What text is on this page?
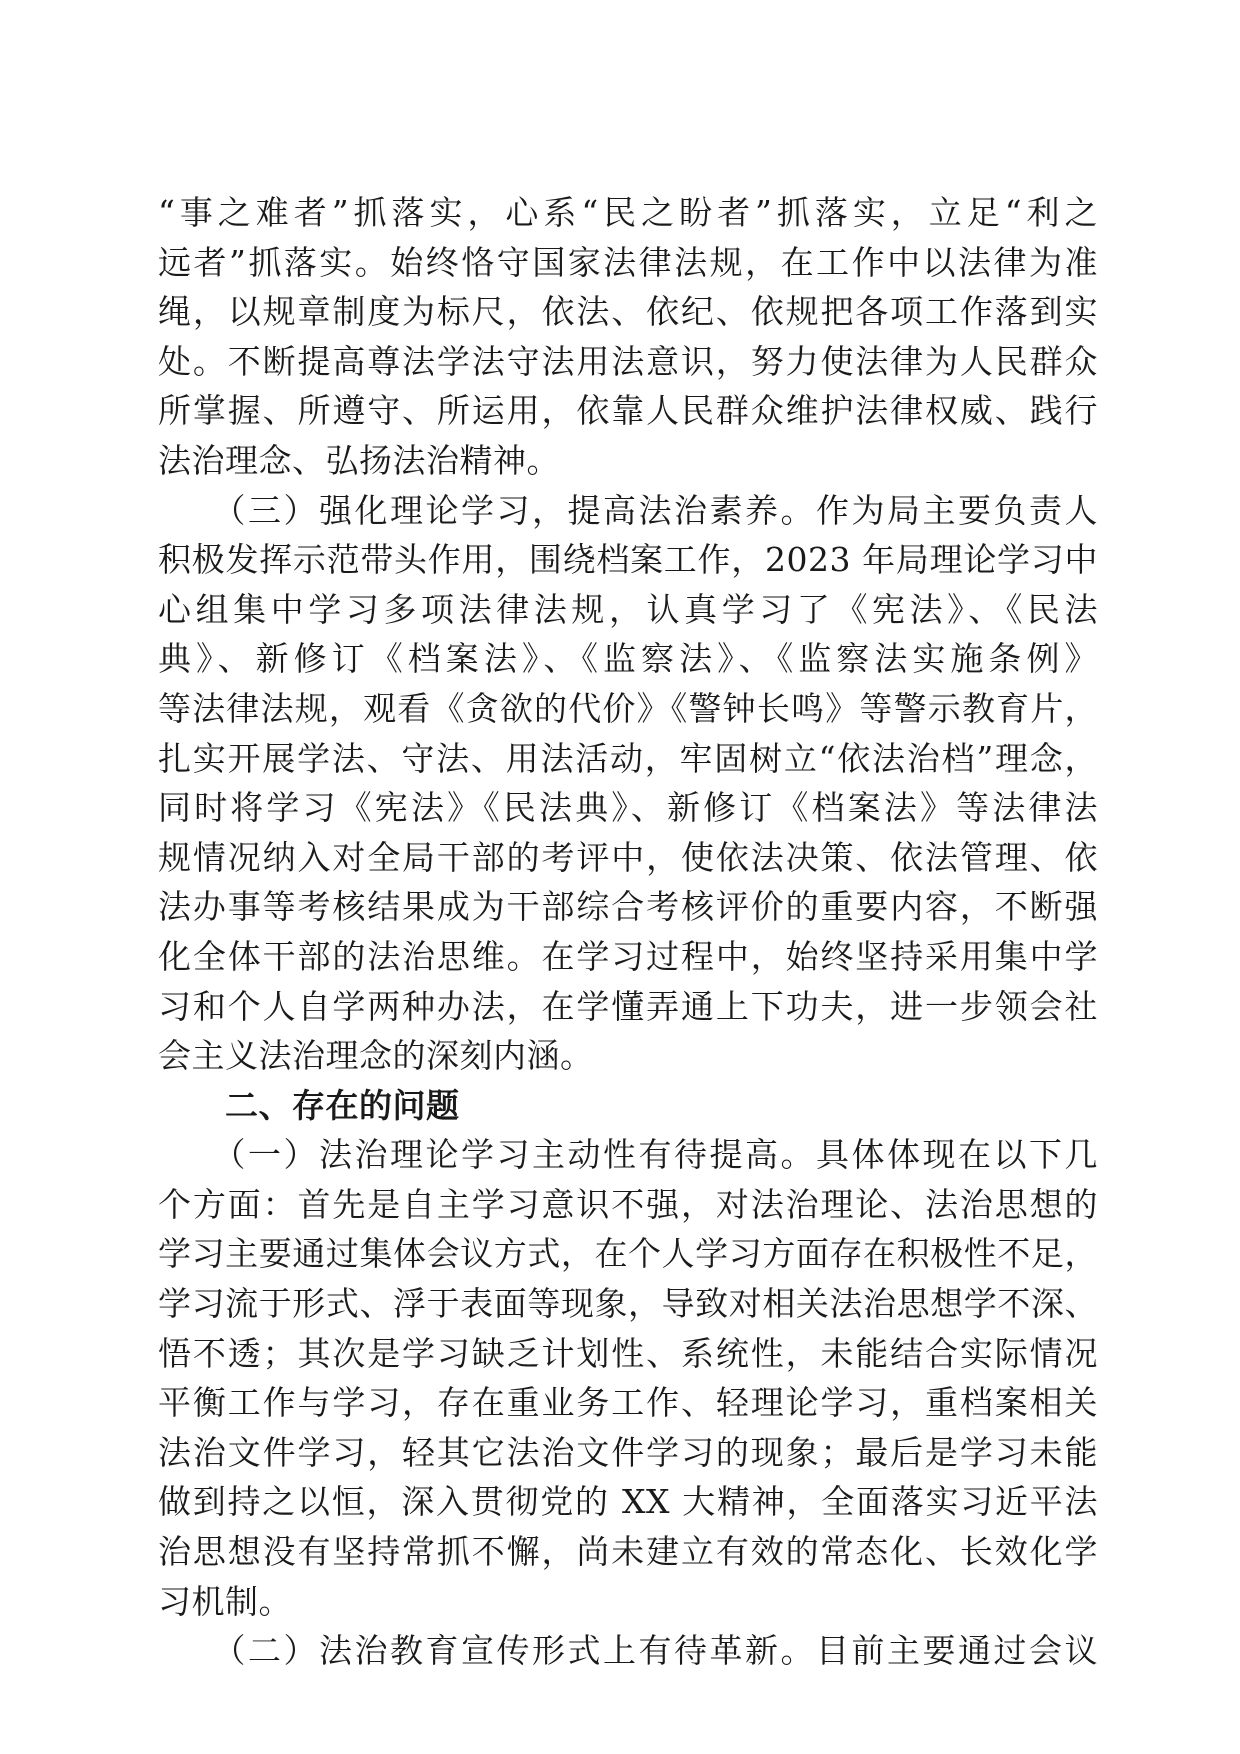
“事之难者”抓落实，心系“民之盼者”抓落实，立足“利之
远者”抓落实。始终恪守国家法律法规，在工作中以法律为准
绳，以规章制度为标尺，依法、依纪、依规把各项工作落到实
处。不断提高尊法学法守法用法意识，努力使法律为人民群众
所掌握、所遵守、所运用，依靠人民群众维护法律权威、践行
法治理念、弘扬法治精神。
　　（三）强化理论学习，提高法治素养。作为局主要负责人
积极发挥示范带头作用，围绕档案工作，2023 年局理论学习中
心组集中学习多项法律法规，认真学习了《宪法》、《民法
典》、新修订《档案法》、《监察法》、《监察法实施条例》
等法律法规，观看《贪欲的代价》《警钟长鸣》等警示教育片，
扎实开展学法、守法、用法活动，牢固树立“依法治档”理念，
同时将学习《宪法》《民法典》、新修订《档案法》等法律法
规情况纳入对全局干部的考评中，使依法决策、依法管理、依
法办事等考核结果成为干部综合考核评价的重要内容，不断强
化全体干部的法治思维。在学习过程中，始终坚持采用集中学
习和个人自学两种办法，在学懂弄通上下功夫，进一步领会社
会主义法治理念的深刻内涵。
　　二、存在的问题
　　（一）法治理论学习主动性有待提高。具体体现在以下几
个方面：首先是自主学习意识不强，对法治理论、法治思想的
学习主要通过集体会议方式，在个人学习方面存在积极性不足，
学习流于形式、浮于表面等现象，导致对相关法治思想学不深、
悟不透；其次是学习缺乏计划性、系统性，未能结合实际情况
平衡工作与学习，存在重业务工作、轻理论学习，重档案相关
法治文件学习，轻其它法治文件学习的现象；最后是学习未能
做到持之以恒，深入贯彻党的 XX 大精神，全面落实习近平法
治思想没有坚持常抓不懈，尚未建立有效的常态化、长效化学
习机制。
　　（二）法治教育宣传形式上有待革新。目前主要通过会议
